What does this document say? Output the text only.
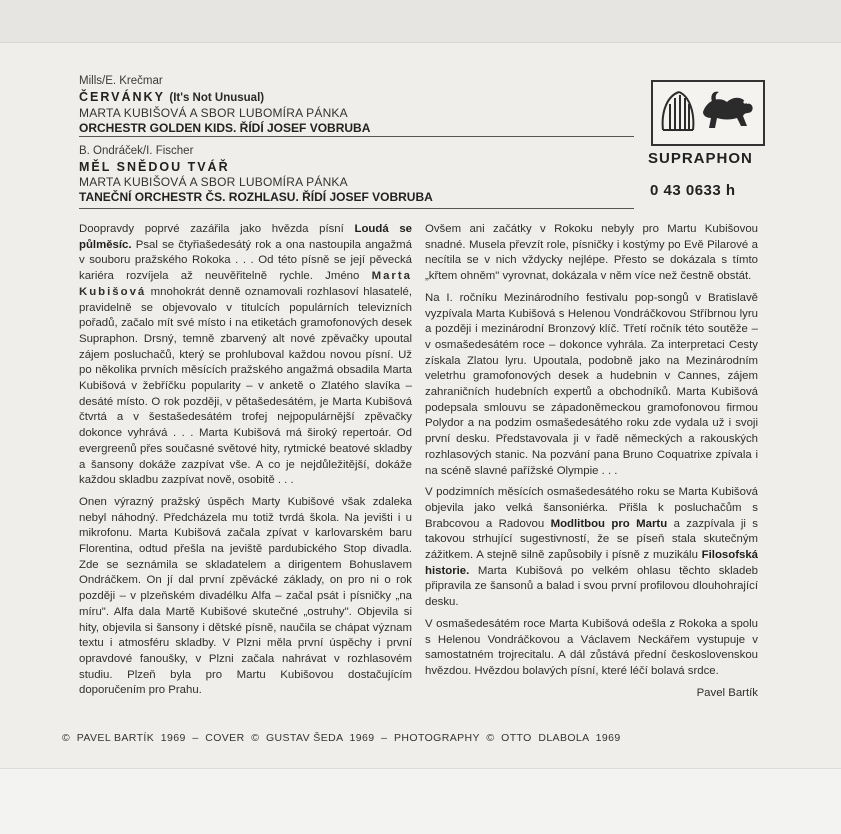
Mills/E. Krečmar
ČERVÁNKY (It's Not Unusual)
MARTA KUBIŠOVÁ A SBOR LUBOMÍRA PÁNKA
ORCHESTR GOLDEN KIDS. ŘÍDÍ JOSEF VOBRUBA
B. Ondráček/I. Fischer
MĚL SNĚDOU TVÁŘ
MARTA KUBIŠOVÁ A SBOR LUBOMÍRA PÁNKA
TANEČNÍ ORCHESTR ČS. ROZHLASU. ŘÍDÍ JOSEF VOBRUBA
SUPRAPHON
0 43 0633 h

Doopravdy poprvé zazářila jako hvězda písní Loudá se půlměsíc. Psal se čtyřiašedesátý rok a ona nastoupila angažmá v souboru pražského Rokoka . . . Od této písně se její pěvecká kariéra rozvíjela až neuvěřitelně rychle. Jméno Marta Kubišová mnohokrát denně oznamovali rozhlasoví hlasatelé, pravidelně se objevovalo v titulcích populárních televizních pořadů, začalo mít své místo i na etiketách gramofonových desek Supraphon. Drsný, temně zbarvený alt nové zpěvačky upoutal zájem posluchačů, který se prohluboval každou novou písní. Už po několika prvních měsících pražského angažmá obsadila Marta Kubišová v žebříčku popularity – v anketě o Zlatého slavíka – desáté místo. O rok později, v pětašedesátém, je Marta Kubišová čtvrtá a v šestašedesátém trofej nejpopulárnější zpěvačky dokonce vyhrává . . . Marta Kubišová má široký repertoár. Od evergreenů přes současné světové hity, rytmické beatové skladby a šansony dokáže zazpívat vše. A co je nejdůležitější, dokáže každou skladbu zazpívat nově, osobitě . . .

Onen výrazný pražský úspěch Marty Kubišové však zdaleka nebyl náhodný. Předcházela mu totiž tvrdá škola. Na jevišti i u mikrofonu. Marta Kubišová začala zpívat v karlovarském baru Florentina, odtud přešla na jeviště pardubického Stop divadla. Zde se seznámila se skladatelem a dirigentem Bohuslavem Ondráčkem. On jí dal první zpěvácké základy, on pro ni o rok později – v plzeňském divadélku Alfa – začal psát i písničky „na míru". Alfa dala Martě Kubišové skutečné „ostruhy". Objevila si hity, objevila si šansony i dětské písně, naučila se chápat význam textu i atmosféru skladby. V Plzni měla první úspěchy i první opravdové fanoušky, v Plzni začala nahrávat v rozhlasovém studiu. Plzeň byla pro Martu Kubišovou dostačujícím doporučením pro Prahu.

Ovšem ani začátky v Rokoku nebyly pro Martu Kubišovou snadné. Musela převzít role, písničky i kostýmy po Evě Pilarové a necítila se v nich vždycky nejlépe. Přesto se dokázala s tímto „křtem ohněm" vyrovnat, dokázala v něm více než čestně obstát.

Na I. ročníku Mezinárodního festivalu pop-songů v Bratislavě vyzpívala Marta Kubišová s Helenou Vondráčkovou Stříbrnou lyru a později i mezinárodní Bronzový klíč. Třetí ročník této soutěže – v osmašedesátém roce – dokonce vyhrála. Za interpretaci Cesty získala Zlatou lyru. Upoutala, podobně jako na Mezinárodním veletrhu gramofonových desek a hudebnin v Cannes, zájem zahraničních hudebních expertů a obchodníků. Marta Kubišová podepsala smlouvu se západoněmeckou gramofonovou firmou Polydor a na podzim osmašedesátého roku zde vydala už i svoji první desku. Představovala ji v řadě německých a rakouských rozhlasových stanic. Na pozvání pana Bruno Coquatrixe zpívala i na scéně slavné pařížské Olympie . . .

V podzimních měsících osmašedesátého roku se Marta Kubišová objevila jako velká šansoniérka. Přišla k posluchačům s Brabcovou a Radovou Modlitbou pro Martu a zazpívala ji s takovou strhující sugestivností, že se píseň stala skutečným zážitkem. A stejně silně zapůsobily i písně z muzikálu Filosofská historie. Marta Kubišová po velkém ohlasu těchto skladeb připravila ze šansonů a balad i svou první profilovou dlouhohrající desku.

V osmašedesátém roce Marta Kubišová odešla z Rokoka a spolu s Helenou Vondráčkovou a Václavem Neckářem vystupuje v samostatném trojrecitalu. A dál zůstává přední československou hvězdou. Hvězdou bolavých písní, které léčí bolavá srdce.

Pavel Bartík
©  PAVEL BARTÍK  1969  –  COVER  ©  GUSTAV ŠEDA  1969  –  PHOTOGRAPHY  ©  OTTO  DLABOLA  1969
